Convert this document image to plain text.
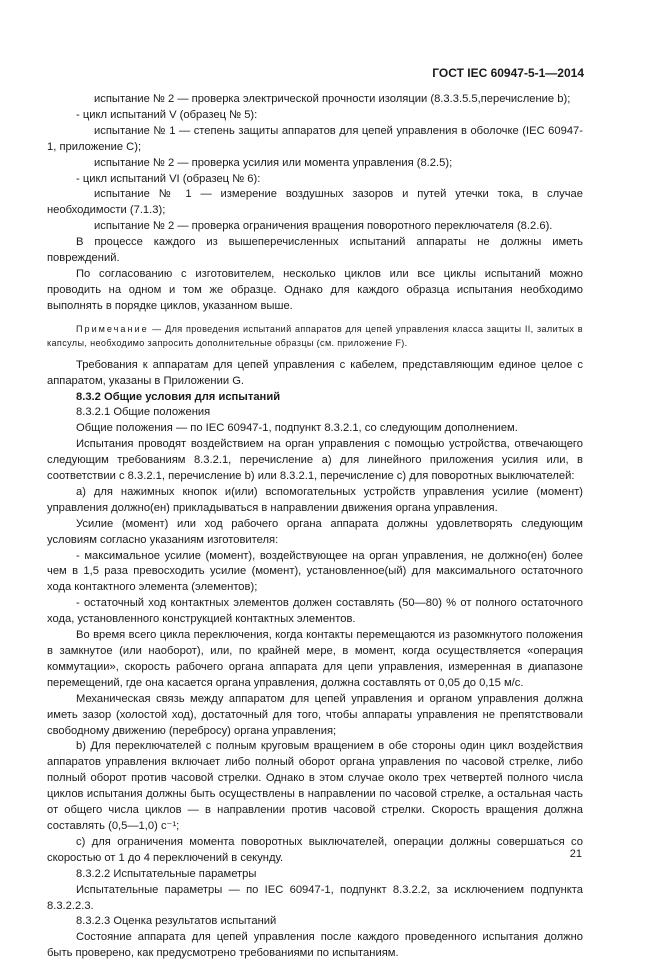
ГОСТ IEC 60947-5-1—2014

испытание № 2 — проверка электрической прочности изоляции (8.3.3.5.5,перечисление b);

- цикл испытаний V (образец № 5):

испытание № 1 — степень защиты аппаратов для цепей управления в оболочке (IEC 60947-1, приложение C);

испытание № 2 — проверка усилия или момента управления (8.2.5);

- цикл испытаний VI (образец № 6):

испытание № 1 — измерение воздушных зазоров и путей утечки тока, в случае необходимости (7.1.3);

испытание № 2 — проверка ограничения вращения поворотного переключателя (8.2.6).

В процессе каждого из вышеперечисленных испытаний аппараты не должны иметь повреждений.

По согласованию с изготовителем, несколько циклов или все циклы испытаний можно проводить на одном и том же образце. Однако для каждого образца испытания необходимо выполнять в порядке циклов, указанном выше.

Примечание — Для проведения испытаний аппаратов для цепей управления класса защиты II, залитых в капсулы, необходимо запросить дополнительные образцы (см. приложение F).

Требования к аппаратам для цепей управления с кабелем, представляющим единое целое с аппаратом, указаны в Приложении G.

8.3.2 Общие условия для испытаний

8.3.2.1 Общие положения

Общие положения — по IEC 60947-1, подпункт 8.3.2.1, со следующим дополнением.

Испытания проводят воздействием на орган управления с помощью устройства, отвечающего следующим требованиям 8.3.2.1, перечисление а) для линейного приложения усилия или, в соответствии с 8.3.2.1, перечисление b) или 8.3.2.1, перечисление c) для поворотных выключателей:

а) для нажимных кнопок и(или) вспомогательных устройств управления усилие (момент) управления должно(ен) прикладываться в направлении движения органа управления.

Усилие (момент) или ход рабочего органа аппарата должны удовлетворять следующим условиям согласно указаниям изготовителя:

- максимальное усилие (момент), воздействующее на орган управления, не должно(ен) более чем в 1,5 раза превосходить усилие (момент), установленное(ый) для максимального остаточного хода контактного элемента (элементов);

- остаточный ход контактных элементов должен составлять (50—80) % от полного остаточного хода, установленного конструкцией контактных элементов.

Во время всего цикла переключения, когда контакты перемещаются из разомкнутого положения в замкнутое (или наоборот), или, по крайней мере, в момент, когда осуществляется «операция коммутации», скорость рабочего органа аппарата для цепи управления, измеренная в диапазоне перемещений, где она касается органа управления, должна составлять от 0,05 до 0,15 м/с.

Механическая связь между аппаратом для цепей управления и органом управления должна иметь зазор (холостой ход), достаточный для того, чтобы аппараты управления не препятствовали свободному движению (перебросу) органа управления;

b) Для переключателей с полным круговым вращением в обе стороны один цикл воздействия аппаратов управления включает либо полный оборот органа управления по часовой стрелке, либо полный оборот против часовой стрелки. Однако в этом случае около трех четвертей полного числа циклов испытания должны быть осуществлены в направлении по часовой стрелке, а остальная часть от общего числа циклов — в направлении против часовой стрелки. Скорость вращения должна составлять (0,5—1,0) с⁻¹;

с) для ограничения момента поворотных выключателей, операции должны совершаться со скоростью от 1 до 4 переключений в секунду.

8.3.2.2 Испытательные параметры

Испытательные параметры — по IEC 60947-1, подпункт 8.3.2.2, за исключением подпункта 8.3.2.2.3.

8.3.2.3 Оценка результатов испытаний

Состояние аппарата для цепей управления после каждого проведенного испытания должно быть проверено, как предусмотрено требованиями по испытаниям.

21
